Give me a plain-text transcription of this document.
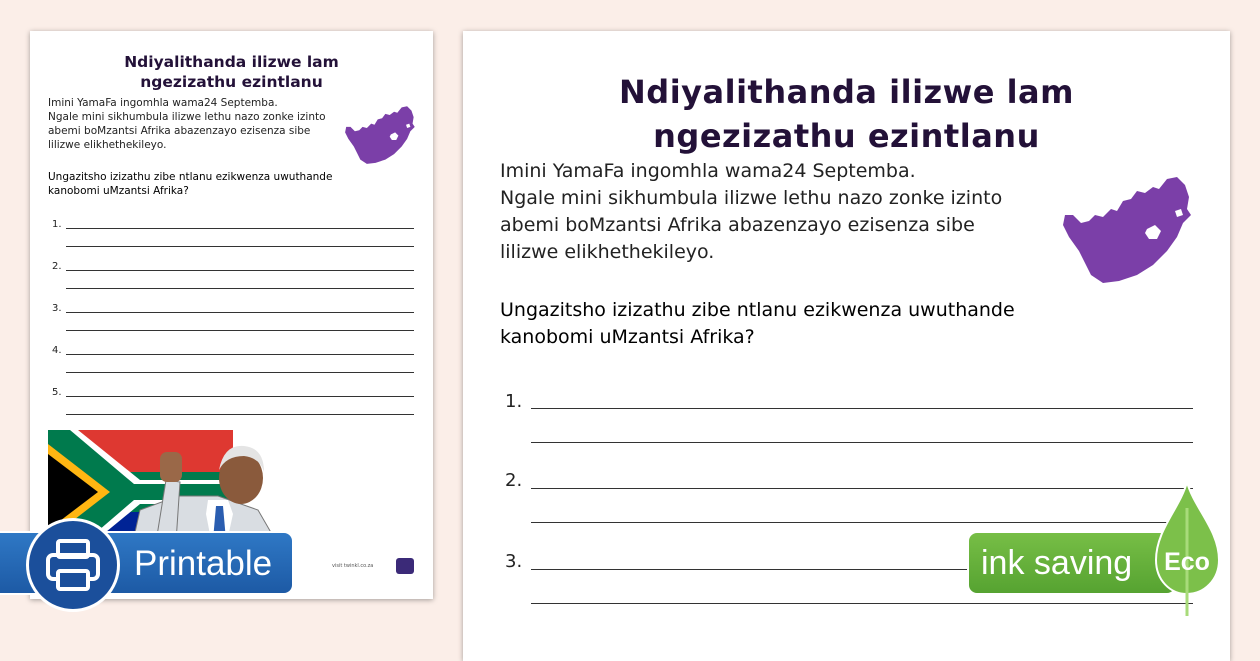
Ndiyalithanda ilizwe lam
ngezizathu ezintlanu

Imini YamaFa ingomhla wama24 Septemba.
Ngale mini sikhumbula ilizwe lethu nazo zonke izinto
abemi boMzantsi Afrika abazenzayo ezisenza sibe
lilizwe elikhethekileyo.

Ungazitsho izizathu zibe ntlanu ezikwenza uwuthande
kanobomi uMzantsi Afrika?

1.
2.
3.
4.
5.
visit twinkl.co.za
Ndiyalithanda ilizwe lam
ngezizathu ezintlanu

Imini YamaFa ingomhla wama24 Septemba.
Ngale mini sikhumbula ilizwe lethu nazo zonke izinto
abemi boMzantsi Afrika abazenzayo ezisenza sibe
lilizwe elikhethekileyo.

Ungazitsho izizathu zibe ntlanu ezikwenza uwuthande
kanobomi uMzantsi Afrika?

1.
2.
3.
Printable	ink saving Eco
